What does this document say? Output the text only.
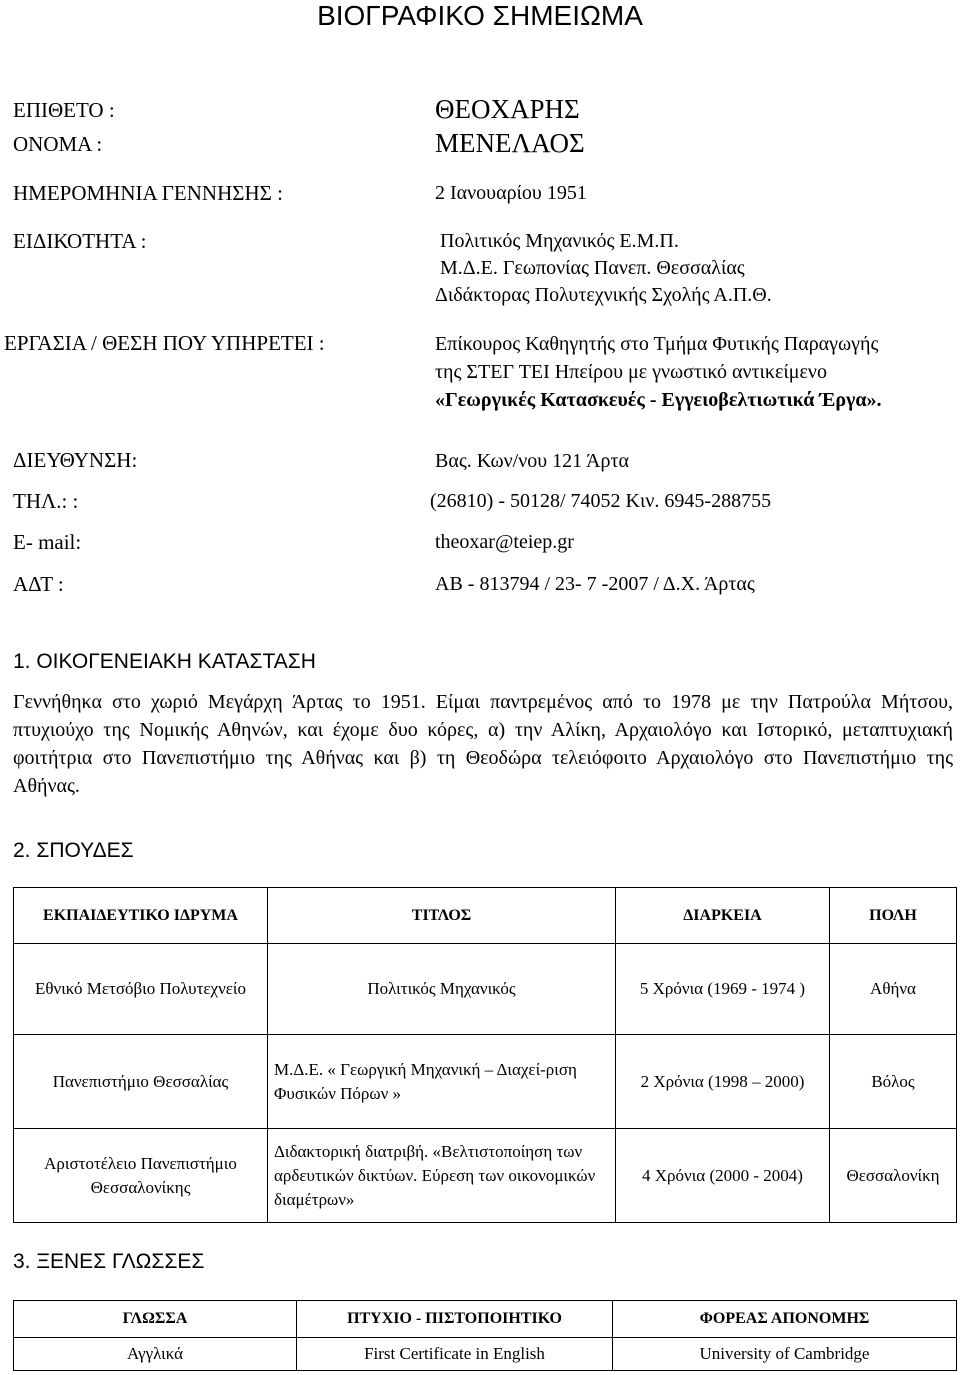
ΒΙΟΓΡΑΦΙΚΟ ΣΗΜΕΙΩΜΑ
ΕΠΙΘΕΤΟ :	ΘΕΟΧΑΡΗΣ
ΟΝΟΜΑ :	ΜΕΝΕΛΑΟΣ
ΗΜΕΡΟΜΗΝΙΑ ΓΕΝΝΗΣΗΣ :	2 Ιανουαρίου 1951
ΕΙΔΙΚΟΤΗΤΑ :	Πολιτικός Μηχανικός Ε.Μ.Π.
Μ.Δ.Ε. Γεωπονίας Πανεπ. Θεσσαλίας
Διδάκτορας Πολυτεχνικής Σχολής Α.Π.Θ.
ΕΡΓΑΣΙΑ / ΘΕΣΗ ΠΟΥ ΥΠΗΡΕΤΕΙ :	Επίκουρος Καθηγητής στο Τμήμα Φυτικής Παραγωγής
της ΣΤΕΓ ΤΕΙ Ηπείρου με γνωστικό αντικείμενο
«Γεωργικές Κατασκευές - Εγγειοβελτιωτικά Έργα».
ΔΙΕΥΘΥΝΣΗ:	Βας. Κων/νου 121 Άρτα
ΤΗΛ.: :	(26810) - 50128/ 74052 Κιν. 6945-288755
E- mail:	theoxar@teiep.gr
ΑΔΤ :	ΑΒ - 813794 / 23- 7 -2007 / Δ.Χ. Άρτας
1. ΟΙΚΟΓΕΝΕΙΑΚΗ ΚΑΤΑΣΤΑΣΗ
Γεννήθηκα στο χωριό Μεγάρχη Άρτας το 1951. Είμαι παντρεμένος από το 1978 με την Πατρούλα Μήτσου, πτυχιούχο της Νομικής Αθηνών, και έχομε δυο κόρες, α) την Αλίκη, Αρχαιολόγο και Ιστορικό, μεταπτυχιακή φοιτήτρια στο Πανεπιστήμιο της Αθήνας και β) τη Θεοδώρα τελειόφοιτο Αρχαιολόγο στο Πανεπιστήμιο της Αθήνας.
2. ΣΠΟΥΔΕΣ
ΕΚΠΑΙΔΕΥΤΙΚΟ ΙΔΡΥΜΑ	ΤΙΤΛΟΣ	ΔΙΑΡΚΕΙΑ	ΠΟΛΗ
Εθνικό Μετσόβιο Πολυτεχνείο	Πολιτικός Μηχανικός	5 Χρόνια (1969 - 1974 )	Αθήνα
Πανεπιστήμιο Θεσσαλίας	Μ.Δ.Ε. « Γεωργική Μηχανική – Διαχεί-ριση Φυσικών Πόρων »	2 Χρόνια (1998 – 2000)	Βόλος
Αριστοτέλειο Πανεπιστήμιο Θεσσαλονίκης	Διδακτορική διατριβή. «Βελτιστοποίηση των αρδευτικών δικτύων. Εύρεση των οικονομικών διαμέτρων»	4 Χρόνια (2000 - 2004)	Θεσσαλονίκη
3. ΞΕΝΕΣ ΓΛΩΣΣΕΣ
ΓΛΩΣΣΑ	ΠΤΥΧΙΟ - ΠΙΣΤΟΠΟΙΗΤΙΚΟ	ΦΟΡΕΑΣ ΑΠΟΝΟΜΗΣ
Αγγλικά	First Certificate in English	University of Cambridge
